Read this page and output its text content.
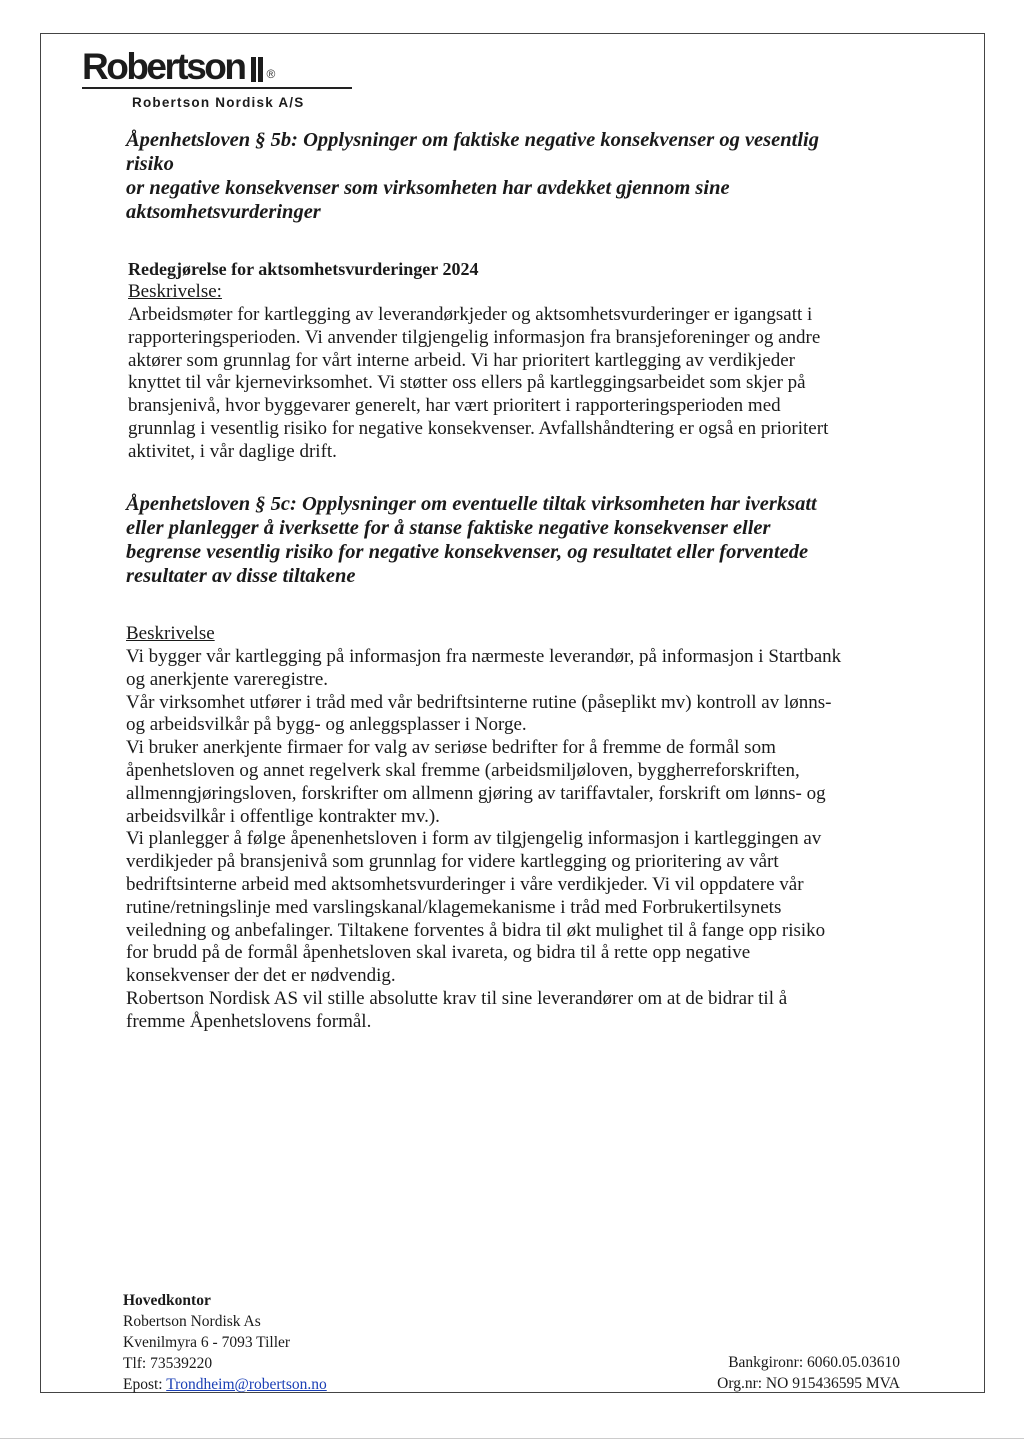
Robertson ®
Robertson Nordisk A/S

Åpenhetsloven § 5b: Opplysninger om faktiske negative konsekvenser og vesentlig

risiko

or negative konsekvenser som virksomheten har avdekket gjennom sine

aktsomhetsvurderinger

Redegjørelse for aktsomhetsvurderinger 2024

Beskrivelse:

Arbeidsmøter for kartlegging av leverandørkjeder og aktsomhetsvurderinger er igangsatt i

rapporteringsperioden. Vi anvender tilgjengelig informasjon fra bransjeforeninger og andre

aktører som grunnlag for vårt interne arbeid. Vi har prioritert kartlegging av verdikjeder

knyttet til vår kjernevirksomhet. Vi støtter oss ellers på kartleggingsarbeidet som skjer på

bransjenivå, hvor byggevarer generelt, har vært prioritert i rapporteringsperioden med

grunnlag i vesentlig risiko for negative konsekvenser. Avfallshåndtering er også en prioritert

aktivitet, i vår daglige drift.

Åpenhetsloven § 5c: Opplysninger om eventuelle tiltak virksomheten har iverksatt

eller planlegger å iverksette for å stanse faktiske negative konsekvenser eller

begrense vesentlig risiko for negative konsekvenser, og resultatet eller forventede

resultater av disse tiltakene

Beskrivelse

Vi bygger vår kartlegging på informasjon fra nærmeste leverandør, på informasjon i Startbank

og anerkjente vareregistre.

Vår virksomhet utfører i tråd med vår bedriftsinterne rutine (påseplikt mv) kontroll av lønns-

og arbeidsvilkår på bygg- og anleggsplasser i Norge.

Vi bruker anerkjente firmaer for valg av seriøse bedrifter for å fremme de formål som

åpenhetsloven og annet regelverk skal fremme (arbeidsmiljøloven, byggherreforskriften,

allmenngjøringsloven, forskrifter om allmenn gjøring av tariffavtaler, forskrift om lønns- og

arbeidsvilkår i offentlige kontrakter mv.).

Vi planlegger å følge åpenenhetsloven i form av tilgjengelig informasjon i kartleggingen av

verdikjeder på bransjenivå som grunnlag for videre kartlegging og prioritering av vårt

bedriftsinterne arbeid med aktsomhetsvurderinger i våre verdikjeder. Vi vil oppdatere vår

rutine/retningslinje med varslingskanal/klagemekanisme i tråd med Forbrukertilsynets

veiledning og anbefalinger. Tiltakene forventes å bidra til økt mulighet til å fange opp risiko

for brudd på de formål åpenhetsloven skal ivareta, og bidra til å rette opp negative

konsekvenser der det er nødvendig.

Robertson Nordisk AS vil stille absolutte krav til sine leverandører om at de bidrar til å

fremme Åpenhetslovens formål.

Hovedkontor
Robertson Nordisk As
Kvenilmyra 6 - 7093 Tiller
Tlf: 73539220
Epost: Trondheim@robertson.no
Bankgironr: 6060.05.03610
Org.nr: NO 915436595 MVA
